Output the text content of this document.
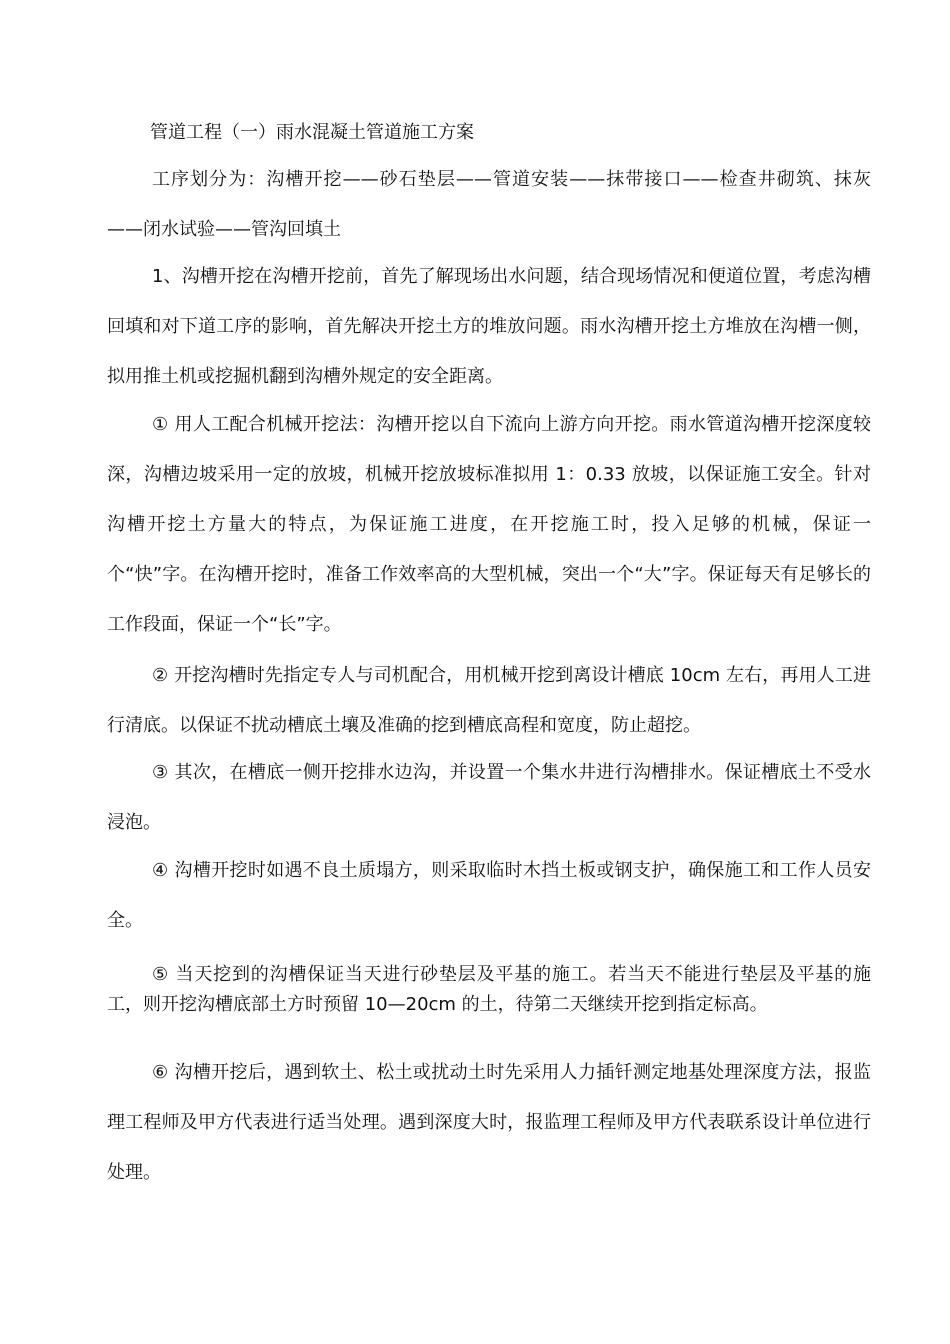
管道工程（一）雨水混凝土管道施工方案

工序划分为：沟槽开挖——砂石垫层——管道安装——抹带接口——检查井砌筑、抹灰——闭水试验——管沟回填土

1、沟槽开挖在沟槽开挖前，首先了解现场出水问题，结合现场情况和便道位置，考虑沟槽回填和对下道工序的影响，首先解决开挖土方的堆放问题。雨水沟槽开挖土方堆放在沟槽一侧，拟用推土机或挖掘机翻到沟槽外规定的安全距离。

① 用人工配合机械开挖法：沟槽开挖以自下流向上游方向开挖。雨水管道沟槽开挖深度较深，沟槽边坡采用一定的放坡，机械开挖放坡标准拟用 1：0.33 放坡，以保证施工安全。针对沟槽开挖土方量大的特点，为保证施工进度，在开挖施工时，投入足够的机械，保证一个“快”字。在沟槽开挖时，准备工作效率高的大型机械，突出一个“大”字。保证每天有足够长的工作段面，保证一个“长”字。

② 开挖沟槽时先指定专人与司机配合，用机械开挖到离设计槽底 10cm 左右，再用人工进行清底。以保证不扰动槽底土壤及准确的挖到槽底高程和宽度，防止超挖。

③ 其次，在槽底一侧开挖排水边沟，并设置一个集水井进行沟槽排水。保证槽底土不受水浸泡。

④ 沟槽开挖时如遇不良土质塌方，则采取临时木挡土板或钢支护，确保施工和工作人员安全。

⑤ 当天挖到的沟槽保证当天进行砂垫层及平基的施工。若当天不能进行垫层及平基的施工，则开挖沟槽底部土方时预留 10—20cm 的土，待第二天继续开挖到指定标高。

⑥ 沟槽开挖后，遇到软土、松土或扰动土时先采用人力插钎测定地基处理深度方法，报监理工程师及甲方代表进行适当处理。遇到深度大时，报监理工程师及甲方代表联系设计单位进行处理。
